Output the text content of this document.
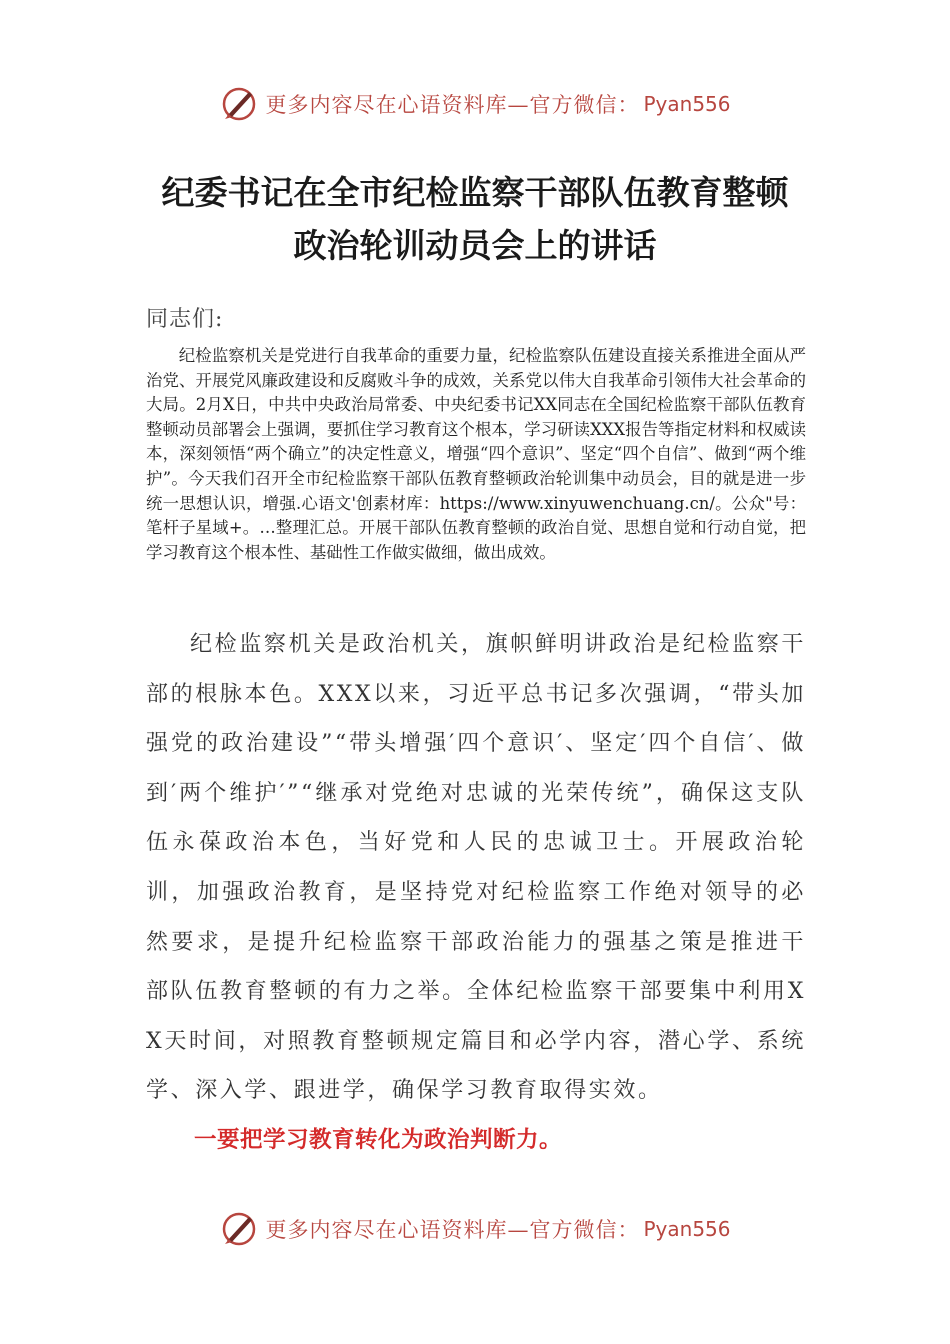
更多内容尽在心语资料库—官方微信： Pyan556
纪委书记在全市纪检监察干部队伍教育整顿
政治轮训动员会上的讲话
同志们:

纪检监察机关是党进行自我革命的重要力量，纪检监察队伍建设直接关系推进全面从严治党、开展党风廉政建设和反腐败斗争的成效，关系党以伟大自我革命引领伟大社会革命的大局。2月X日，中共中央政治局常委、中央纪委书记XX同志在全国纪检监察干部队伍教育整顿动员部署会上强调，要抓住学习教育这个根本，学习研读XXX报告等指定材料和权威读本，深刻领悟“两个确立”的决定性意义，增强“四个意识”、坚定“四个自信”、做到“两个维护”。今天我们召开全市纪检监察干部队伍教育整顿政治轮训集中动员会，目的就是进一步统一思想认识，增强.心语文'创素材库：https://www.xinyuwenchuang.cn/。公众"号：笔杆子星域+。…整理汇总。开展干部队伍教育整顿的政治自觉、思想自觉和行动自觉，把学习教育这个根本性、基础性工作做实做细，做出成效。

纪检监察机关是政治机关，旗帜鲜明讲政治是纪检监察干部的根脉本色。XXX以来，习近平总书记多次强调，“带头加强党的政治建设”“带头增强′四个意识′、坚定′四个自信′、做到′两个维护′”“继承对党绝对忠诚的光荣传统”，确保这支队伍永葆政治本色，当好党和人民的忠诚卫士。开展政治轮训，加强政治教育，是坚持党对纪检监察工作绝对领导的必然要求，是提升纪检监察干部政治能力的强基之策是推进干部队伍教育整顿的有力之举。全体纪检监察干部要集中利用XX天时间，对照教育整顿规定篇目和必学内容，潜心学、系统学、深入学、跟进学，确保学习教育取得实效。

一要把学习教育转化为政治判断力。
更多内容尽在心语资料库—官方微信： Pyan556
